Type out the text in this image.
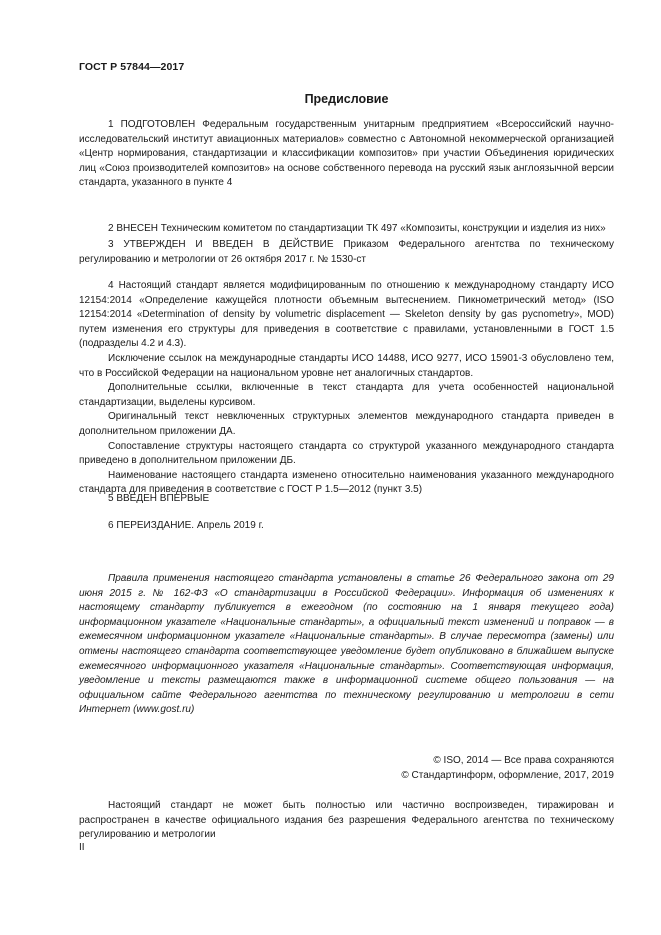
ГОСТ Р 57844—2017
Предисловие

1 ПОДГОТОВЛЕН Федеральным государственным унитарным предприятием «Всероссийский научно-исследовательский институт авиационных материалов» совместно с Автономной некоммерческой организацией «Центр нормирования, стандартизации и классификации композитов» при участии Объединения юридических лиц «Союз производителей композитов» на основе собственного перевода на русский язык англоязычной версии стандарта, указанного в пункте 4

2 ВНЕСЕН Техническим комитетом по стандартизации ТК 497 «Композиты, конструкции и изделия из них»

3 УТВЕРЖДЕН И ВВЕДЕН В ДЕЙСТВИЕ Приказом Федерального агентства по техническому регулированию и метрологии от 26 октября 2017 г. № 1530-ст

4 Настоящий стандарт является модифицированным по отношению к международному стандарту ИСО 12154:2014 «Определение кажущейся плотности объемным вытеснением. Пикнометрический метод» (ISO 12154:2014 «Determination of density by volumetric displacement — Skeleton density by gas pycnometry», MOD) путем изменения его структуры для приведения в соответствие с правилами, установленными в ГОСТ 1.5 (подразделы 4.2 и 4.3).

Исключение ссылок на международные стандарты ИСО 14488, ИСО 9277, ИСО 15901-3 обусловлено тем, что в Российской Федерации на национальном уровне нет аналогичных стандартов.

Дополнительные ссылки, включенные в текст стандарта для учета особенностей национальной стандартизации, выделены курсивом.

Оригинальный текст невключенных структурных элементов международного стандарта приведен в дополнительном приложении ДА.

Сопоставление структуры настоящего стандарта со структурой указанного международного стандарта приведено в дополнительном приложении ДБ.

Наименование настоящего стандарта изменено относительно наименования указанного международного стандарта для приведения в соответствие с ГОСТ Р 1.5—2012 (пункт 3.5)

5 ВВЕДЕН ВПЕРВЫЕ

6 ПЕРЕИЗДАНИЕ. Апрель 2019 г.

Правила применения настоящего стандарта установлены в статье 26 Федерального закона от 29 июня 2015 г. № 162-ФЗ «О стандартизации в Российской Федерации». Информация об изменениях к настоящему стандарту публикуется в ежегодном (по состоянию на 1 января текущего года) информационном указателе «Национальные стандарты», а официальный текст изменений и поправок — в ежемесячном информационном указателе «Национальные стандарты». В случае пересмотра (замены) или отмены настоящего стандарта соответствующее уведомление будет опубликовано в ближайшем выпуске ежемесячного информационного указателя «Национальные стандарты». Соответствующая информация, уведомление и тексты размещаются также в информационной системе общего пользования — на официальном сайте Федерального агентства по техническому регулированию и метрологии в сети Интернет (www.gost.ru)

© ISO, 2014 — Все права сохраняются

© Стандартинформ, оформление, 2017, 2019

Настоящий стандарт не может быть полностью или частично воспроизведен, тиражирован и распространен в качестве официального издания без разрешения Федерального агентства по техническому регулированию и метрологии

II
